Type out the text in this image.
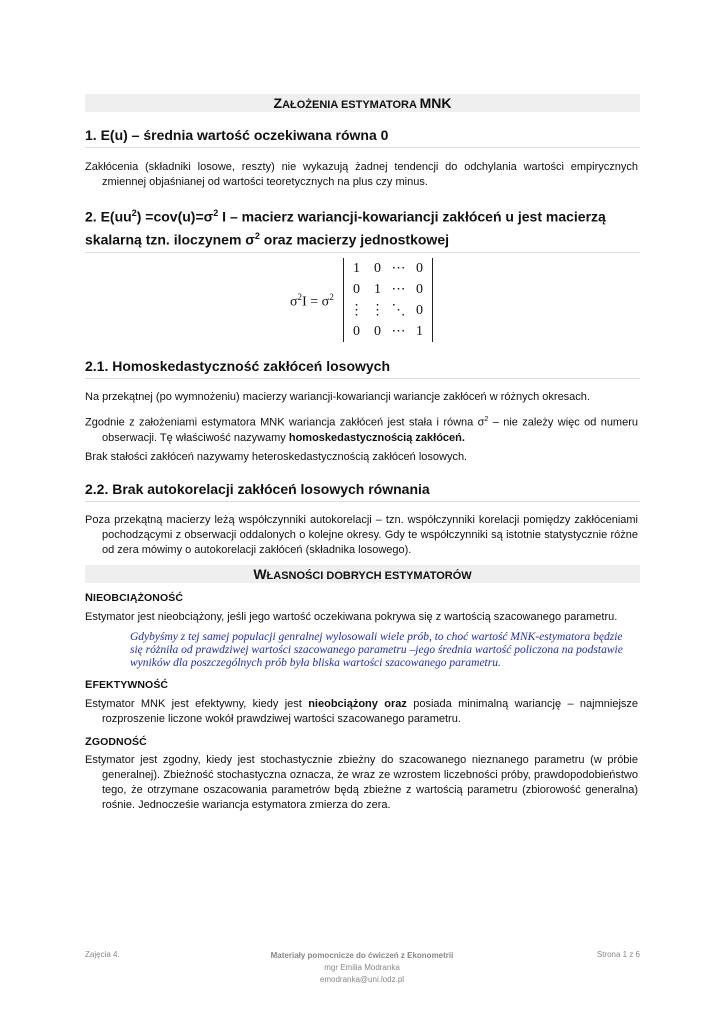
ZAŁOŻENIA ESTYMATORA MNK
1. E(u) – średnia wartość oczekiwana równa 0
Zakłócenia (składniki losowe, reszty) nie wykazują żadnej tendencji do odchylania wartości empirycznych zmiennej objaśnianej od wartości teoretycznych na plus czy minus.
2. $E(uu^2) =cov(u)=\sigma^2$ I – macierz wariancji-kowariancji zakłóceń u jest macierzą skalarną tzn. iloczynem $\sigma^2$ oraz macierzy jednostkowej
$\sigma^2I = \sigma^2$
1	0	⋯	0
0	1	⋯	0
⋮	⋮	⋱	0
0	0	⋯	1
2.1. Homoskedastyczność zakłóceń losowych
Na przekątnej (po wymnożeniu) macierzy wariancji-kowariancji wariancje zakłóceń w różnych okresach.
Zgodnie z założeniami estymatora MNK wariancja zakłóceń jest stała i równa $\sigma^2$ – nie zależy więc od numeru obserwacji. Tę właściwość nazywamy homoskedastycznością zakłóceń.
Brak stałości zakłóceń nazywamy heteroskedastycznością zakłóceń losowych.
2.2. Brak autokorelacji zakłóceń losowych równania
Poza przekątną macierzy leżą współczynniki autokorelacji – tzn. współczynniki korelacji pomiędzy zakłóceniami pochodzącymi z obserwacji oddalonych o kolejne okresy. Gdy te współczynniki są istotnie statystycznie różne od zera mówimy o autokorelacji zakłóceń (składnika losowego).
WŁASNOŚCI DOBRYCH ESTYMATORÓW
NIEOBCIĄŻONOŚĆ
Estymator jest nieobciążony, jeśli jego wartość oczekiwana pokrywa się z wartością szacowanego parametru.
Gdybyśmy z tej samej populacji genralnej wylosowali wiele prób, to choć wartość MNK-estymatora będzie się różniła od prawdziwej wartości szacowanego parametru –jego średnia wartość policzona na podstawie wyników dla poszczególnych prób była bliska wartości szacowanego parametru.
EFEKTYWNOŚĆ
Estymator MNK jest efektywny, kiedy jest nieobciążony oraz posiada minimalną wariancję – najmniejsze rozproszenie liczone wokół prawdziwej wartości szacowanego parametru.
ZGODNOŚĆ
Estymator jest zgodny, kiedy jest stochastycznie zbieżny do szacowanego nieznanego parametru (w próbie generalnej). Zbieżność stochastyczna oznacza, że wraz ze wzrostem liczebności próby, prawdopodobieństwo tego, że otrzymane oszacowania parametrów będą zbieżne z wartością parametru (zbiorowość generalna) rośnie. Jednocześie wariancja estymatora zmierza do zera.
Zajęcia 4.	Materiały pomocnicze do ćwiczeń z Ekonometrii
mgr Emilia Modranka
emodranka@uni.lodz.pl
Strona 1 z 6
